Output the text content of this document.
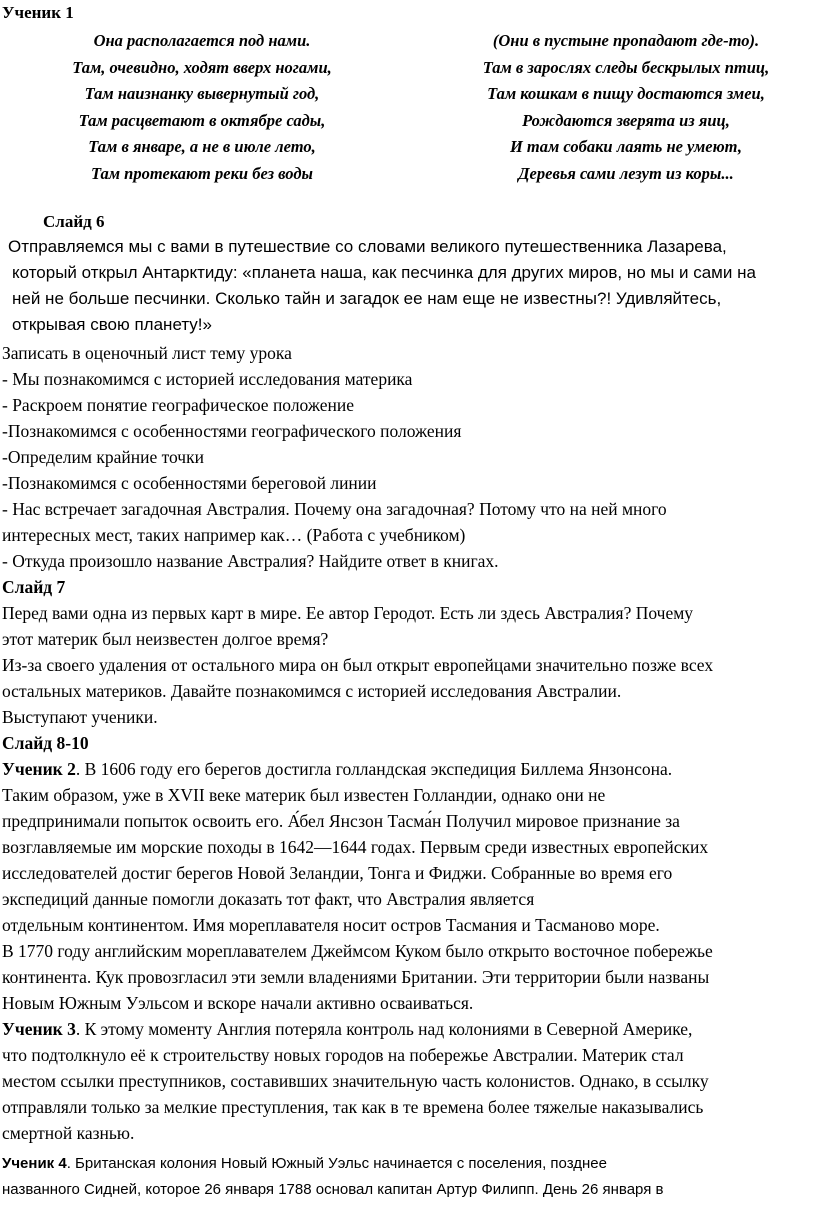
Ученик 1
Она располагается под нами.
Там, очевидно, ходят вверх ногами,
Там наизнанку вывернутый год,
Там расцветают в октябре сады,
Там в январе, а не в июле лето,
Там протекают реки без воды
(Они в пустыне пропадают где-то).
Там в зарослях следы бескрылых птиц,
Там кошкам в пищу достаются змеи,
Рождаются зверята из яиц,
И там собаки лаять не умеют,
Деревья сами лезут из коры...
Слайд 6
Отправляемся мы с вами в путешествие со словами великого путешественника Лазарева,
который открыл Антарктиду: «планета наша, как песчинка для других миров, но мы и сами на
ней не больше песчинки. Сколько тайн и загадок ее нам еще не известны?! Удивляйтесь,
открывая свою планету!»
Записать в оценочный лист тему урока
- Мы познакомимся с историей исследования материка
- Раскроем понятие географическое положение
-Познакомимся с особенностями географического положения
-Определим крайние точки
-Познакомимся с особенностями береговой линии
- Нас встречает загадочная Австралия. Почему она загадочная? Потому что на ней много
интересных мест, таких например как… (Работа с учебником)
- Откуда произошло название Австралия? Найдите ответ в книгах.
Слайд 7
Перед вами одна из первых карт в мире. Ее автор Геродот. Есть ли здесь Австралия? Почему
этот материк был неизвестен долгое время?
Из-за своего удаления от остального мира он был открыт европейцами значительно позже всех
остальных материков. Давайте познакомимся с историей исследования Австралии.
Выступают ученики.
Слайд 8-10
Ученик 2. В 1606 году его берегов достигла голландская экспедиция Биллема Янзонсона.
Таким образом, уже в XVII веке материк был известен Голландии, однако они не
предпринимали попыток освоить его. А́бел Янсзон Тасма́н Получил мировое признание за
возглавляемые им морские походы в 1642—1644 годах. Первым среди известных европейских
исследователей достиг берегов Новой Зеландии, Тонга и Фиджи. Собранные во время его
экспедиций данные помогли доказать тот факт, что Австралия является
отдельным континентом. Имя мореплавателя носит остров Тасмания и Тасманово море.
В 1770 году английским мореплавателем Джеймсом Куком было открыто восточное побережье
континента. Кук провозгласил эти земли владениями Британии. Эти территории были названы
Новым Южным Уэльсом и вскоре начали активно осваиваться.
Ученик 3. К этому моменту Англия потеряла контроль над колониями в Северной Америке,
что подтолкнуло её к строительству новых городов на побережье Австралии. Материк стал
местом ссылки преступников, составивших значительную часть колонистов. Однако, в ссылку
отправляли только за мелкие преступления, так как в те времена более тяжелые наказывались
смертной казнью.
Ученик 4. Британская колония Новый Южный Уэльс начинается с поселения, позднее
названного Сидней, которое 26 января 1788 основал капитан Артур Филипп. День 26 января в
